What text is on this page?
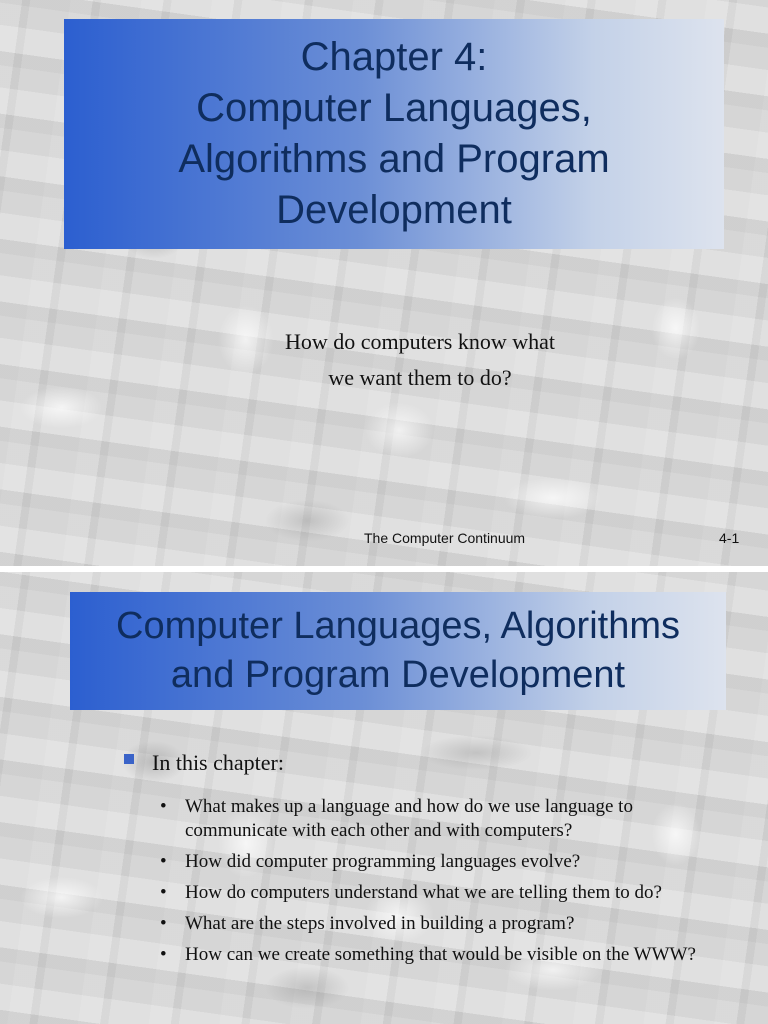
Chapter 4:
Computer Languages,
Algorithms and Program
Development
How do computers know what
we want them to do?
The Computer Continuum	4-1
Computer Languages, Algorithms
and Program Development
In this chapter:
• What makes up a language and how do we use language to communicate with each other and with computers?
• How did computer programming languages evolve?
• How do computers understand what we are telling them to do?
• What are the steps involved in building a program?
• How can we create something that would be visible on the WWW?
